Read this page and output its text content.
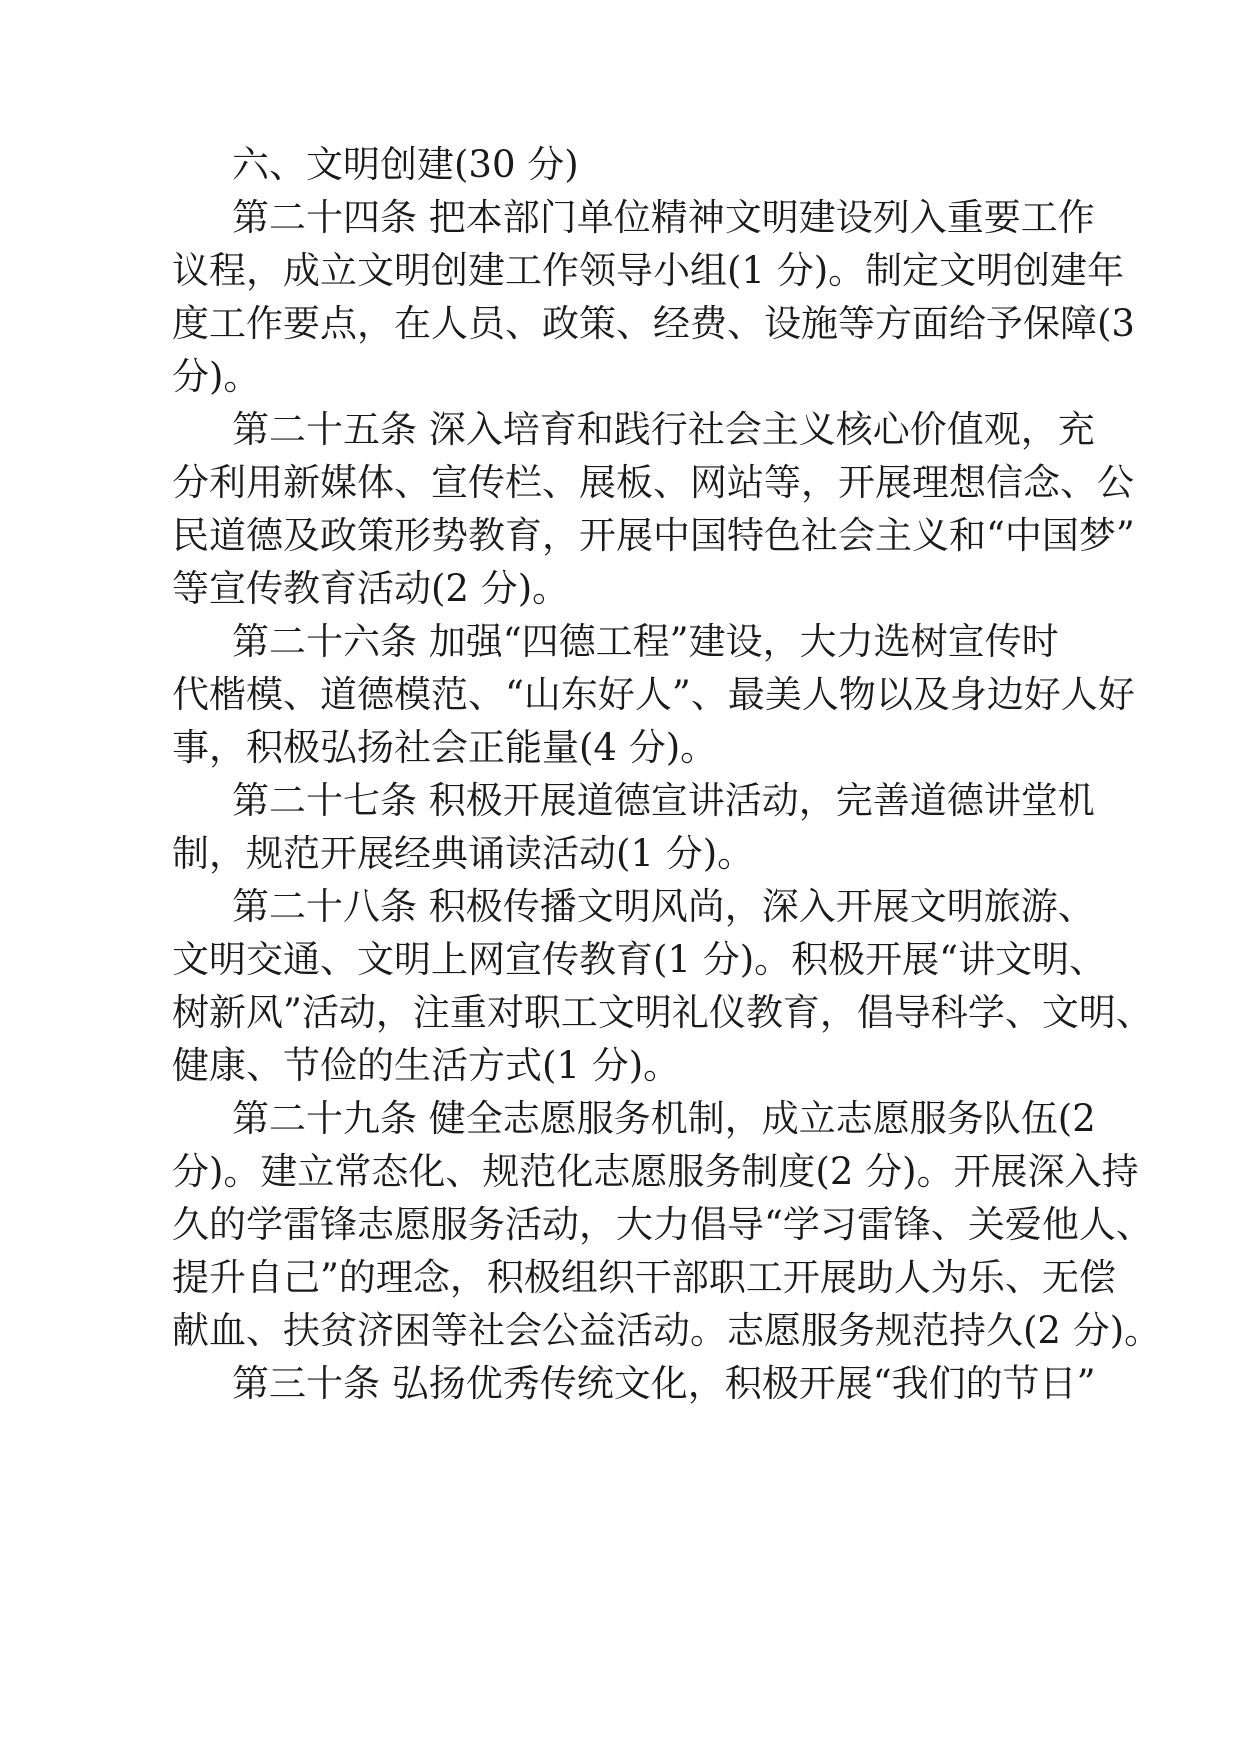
六、文明创建(30 分)
第二十四条 把本部门单位精神文明建设列入重要工作
议程，成立文明创建工作领导小组(1 分)。制定文明创建年
度工作要点，在人员、政策、经费、设施等方面给予保障(3
分)。
第二十五条 深入培育和践行社会主义核心价值观，充
分利用新媒体、宣传栏、展板、网站等，开展理想信念、公
民道德及政策形势教育，开展中国特色社会主义和“中国梦”
等宣传教育活动(2 分)。
第二十六条 加强“四德工程”建设，大力选树宣传时
代楷模、道德模范、“山东好人”、最美人物以及身边好人好
事，积极弘扬社会正能量(4 分)。
第二十七条 积极开展道德宣讲活动，完善道德讲堂机
制，规范开展经典诵读活动(1 分)。
第二十八条 积极传播文明风尚，深入开展文明旅游、
文明交通、文明上网宣传教育(1 分)。积极开展“讲文明、
树新风”活动，注重对职工文明礼仪教育，倡导科学、文明、
健康、节俭的生活方式(1 分)。
第二十九条 健全志愿服务机制，成立志愿服务队伍(2
分)。建立常态化、规范化志愿服务制度(2 分)。开展深入持
久的学雷锋志愿服务活动，大力倡导“学习雷锋、关爱他人、
提升自己”的理念，积极组织干部职工开展助人为乐、无偿
献血、扶贫济困等社会公益活动。志愿服务规范持久(2 分)。
第三十条 弘扬优秀传统文化，积极开展“我们的节日”
